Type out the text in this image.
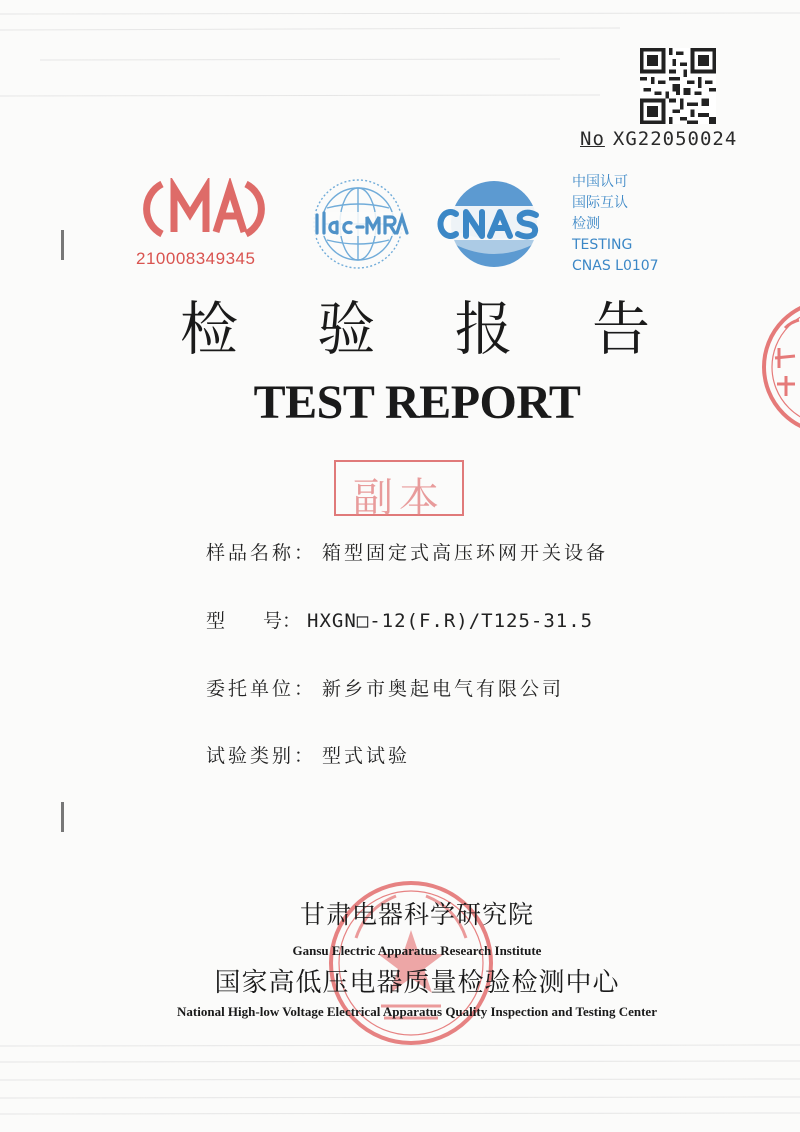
No XG22050024
210008349345
中国认可
国际互认
检测
TESTING
CNAS L0107
检 验 报 告
TEST REPORT
副本
样品名称： 箱型固定式高压环网开关设备
型　　号： HXGN□-12(F.R)/T125-31.5
委托单位： 新乡市奥起电气有限公司
试验类别： 型式试验
甘肃电器科学研究院
Gansu Electric Apparatus Research Institute
国家高低压电器质量检验检测中心
National High-low Voltage Electrical Apparatus Quality Inspection and Testing Center
